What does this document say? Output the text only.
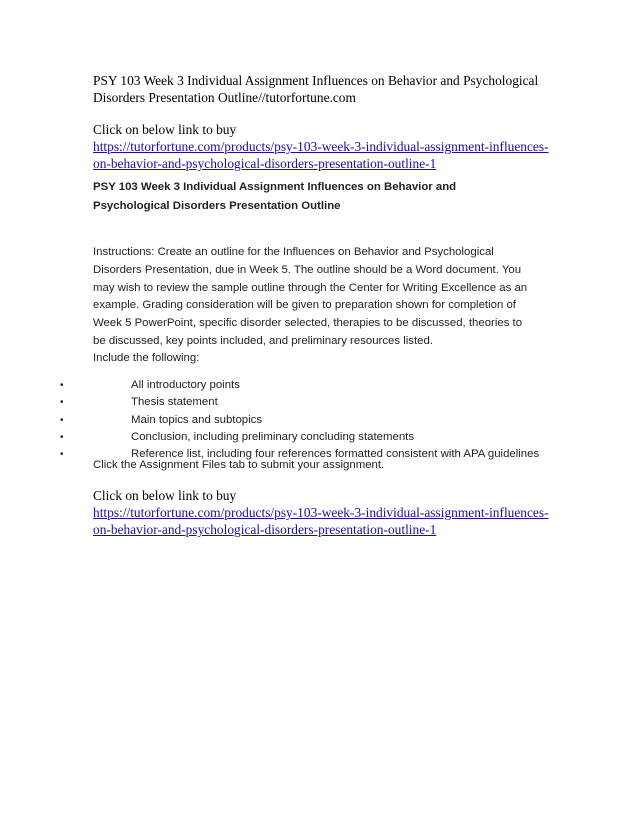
PSY 103 Week 3 Individual Assignment Influences on Behavior and Psychological Disorders Presentation Outline//tutorfortune.com
Click on below link to buy
https://tutorfortune.com/products/psy-103-week-3-individual-assignment-influences-on-behavior-and-psychological-disorders-presentation-outline-1
PSY 103 Week 3 Individual Assignment Influences on Behavior and Psychological Disorders Presentation Outline
Instructions: Create an outline for the Influences on Behavior and Psychological Disorders Presentation, due in Week 5. The outline should be a Word document. You may wish to review the sample outline through the Center for Writing Excellence as an example. Grading consideration will be given to preparation shown for completion of Week 5 PowerPoint, specific disorder selected, therapies to be discussed, theories to be discussed, key points included, and preliminary resources listed.
Include the following:
•	All introductory points
•	Thesis statement
•	Main topics and subtopics
•	Conclusion, including preliminary concluding statements
•	Reference list, including four references formatted consistent with APA guidelines
Click the Assignment Files tab to submit your assignment.
Click on below link to buy
https://tutorfortune.com/products/psy-103-week-3-individual-assignment-influences-on-behavior-and-psychological-disorders-presentation-outline-1
